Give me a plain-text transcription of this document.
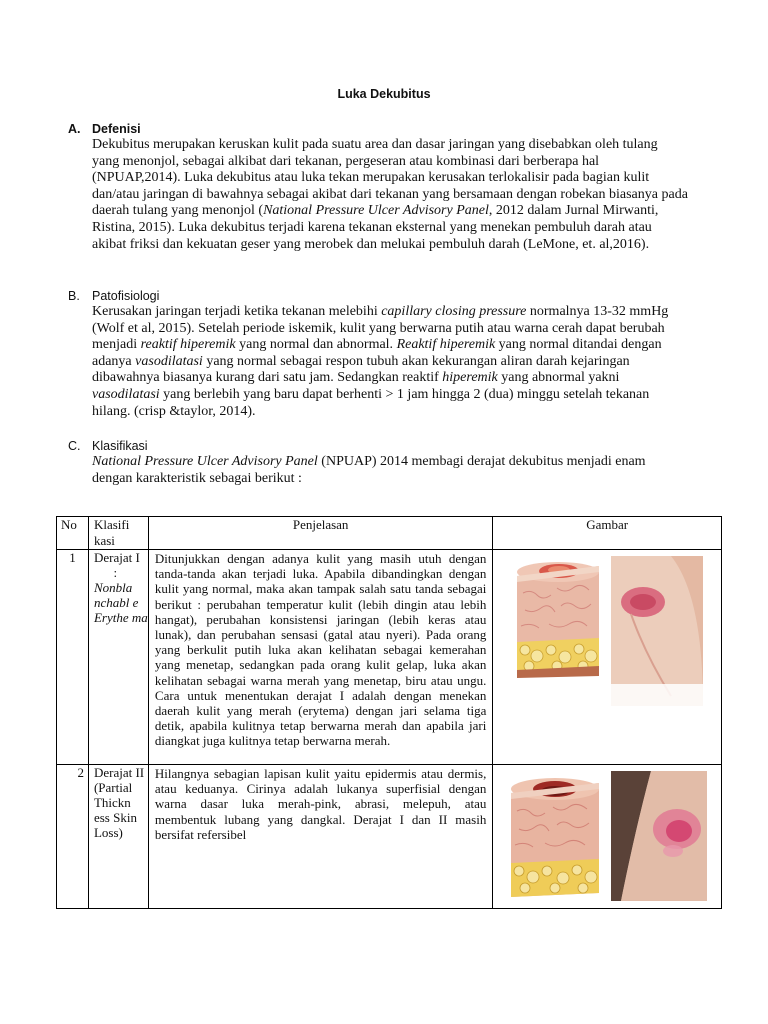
Luka Dekubitus
A. Defenisi
Dekubitus merupakan keruskan kulit pada suatu area dan dasar jaringan yang disebabkan oleh tulang yang menonjol, sebagai alkibat dari tekanan, pergeseran atau kombinasi dari berberapa hal (NPUAP,2014). Luka dekubitus atau luka tekan merupakan kerusakan terlokalisir pada bagian kulit dan/atau jaringan di bawahnya sebagai akibat dari tekanan yang bersamaan dengan robekan biasanya pada daerah tulang yang menonjol (National Pressure Ulcer Advisory Panel, 2012 dalam Jurnal Mirwanti, Ristina, 2015). Luka dekubitus terjadi karena tekanan eksternal yang menekan pembuluh darah atau akibat friksi dan kekuatan geser yang merobek dan melukai pembuluh darah (LeMone, et. al,2016).
B. Patofisiologi
Kerusakan jaringan terjadi ketika tekanan melebihi capillary closing pressure normalnya 13-32 mmHg (Wolf et al, 2015). Setelah periode iskemik, kulit yang berwarna putih atau warna cerah dapat berubah menjadi reaktif hiperemik yang normal dan abnormal. Reaktif hiperemik yang normal ditandai dengan adanya vasodilatasi yang normal sebagai respon tubuh akan kekurangan aliran darah kejaringan dibawahnya biasanya kurang dari satu jam. Sedangkan reaktif hiperemik yang abnormal yakni vasodilatasi yang berlebih yang baru dapat berhenti > 1 jam hingga 2 (dua) minggu setelah tekanan hilang. (crisp &taylor, 2014).
C. Klasifikasi
National Pressure Ulcer Advisory Panel (NPUAP) 2014 membagi derajat dekubitus menjadi enam dengan karakteristik sebagai berikut :
No	Klasifi kasi	Penjelasan	Gambar
1	Derajat I       :
Nonbla nchabl e Erythe ma	Ditunjukkan dengan adanya kulit yang masih utuh dengan tanda-tanda akan terjadi luka. Apabila dibandingkan dengan kulit yang normal, maka akan tampak salah satu tanda sebagai berikut : perubahan temperatur kulit (lebih dingin atau lebih hangat), perubahan konsistensi jaringan (lebih keras atau lunak), dan perubahan sensasi (gatal atau nyeri). Pada orang yang berkulit putih luka akan kelihatan sebagai kemerahan yang menetap, sedangkan pada orang kulit gelap, luka akan kelihatan sebagai warna merah yang menetap, biru atau ungu. Cara untuk menentukan derajat I adalah dengan menekan daerah kulit yang merah (erytema) dengan jari selama tiga detik, apabila kulitnya tetap berwarna merah dan apabila jari diangkat juga kulitnya tetap berwarna merah.	

2	Derajat II (Partial Thickn ess Skin Loss)	Hilangnya sebagian lapisan kulit yaitu epidermis atau dermis, atau keduanya. Cirinya adalah lukanya superfisial dengan warna dasar luka merah-pink, abrasi, melepuh, atau membentuk lubang yang dangkal. Derajat I dan II masih bersifat refersibel	
